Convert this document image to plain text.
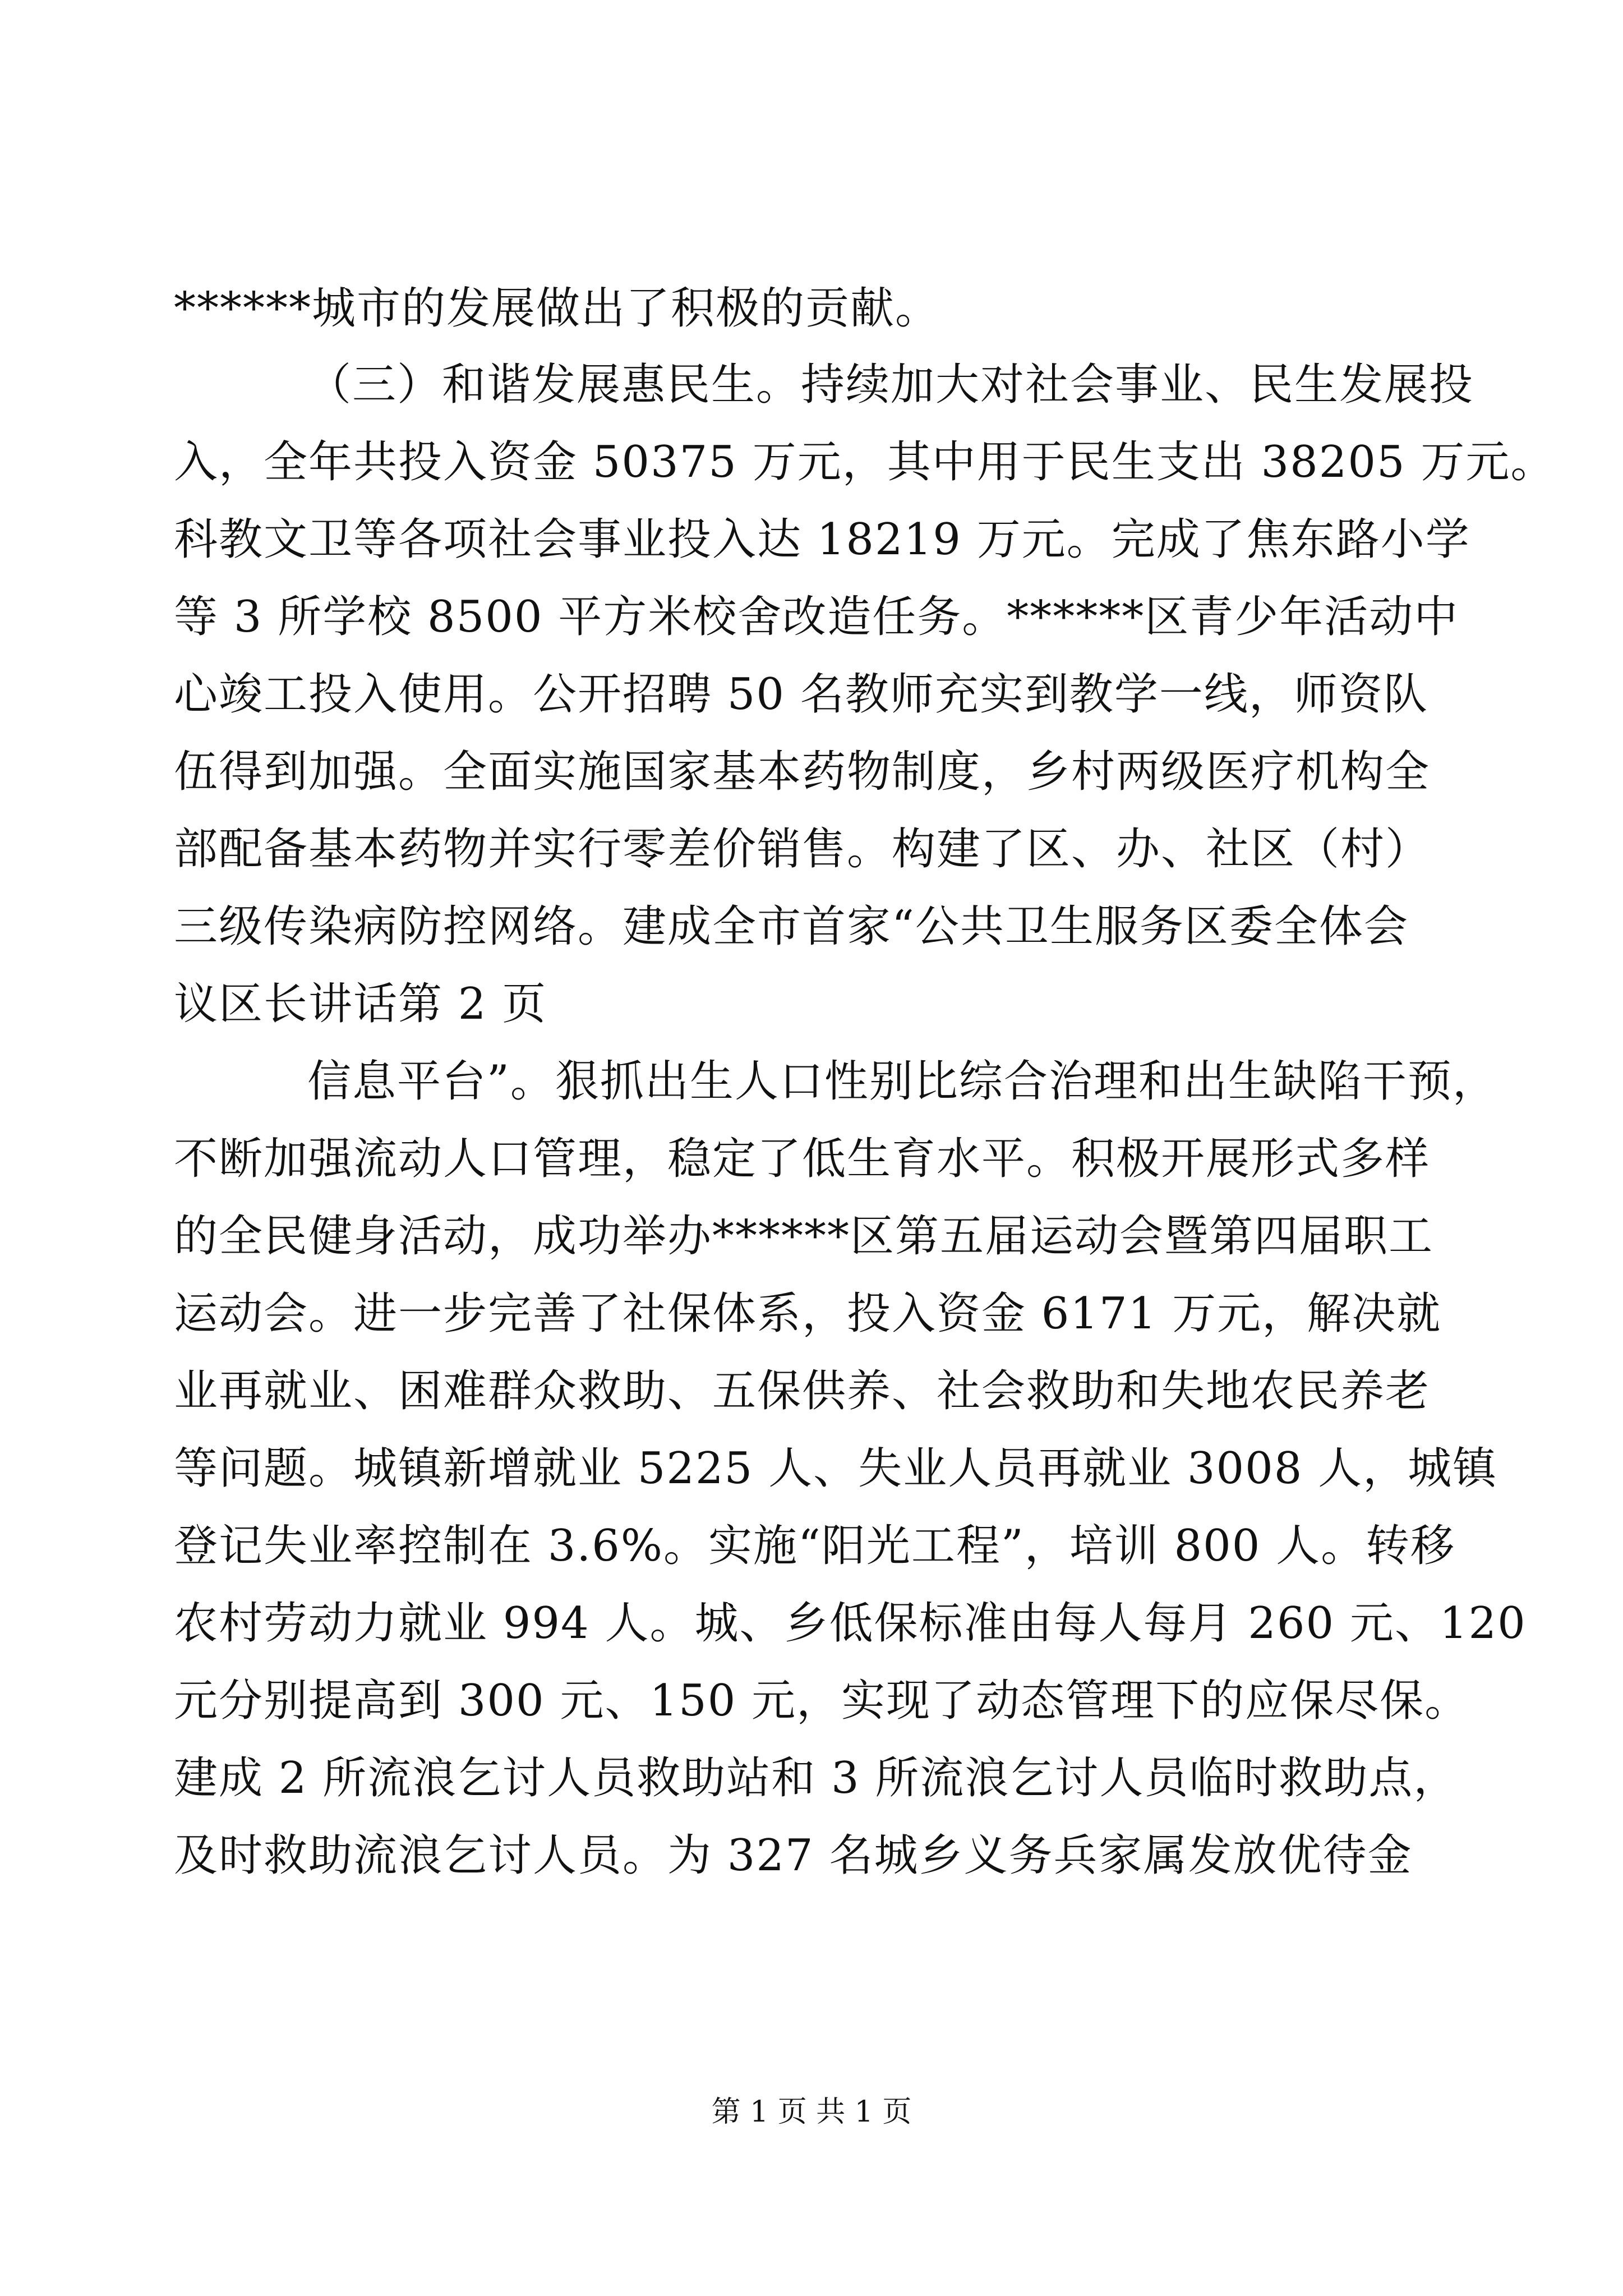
******城市的发展做出了积极的贡献。
（三）和谐发展惠民生。持续加大对社会事业、民生发展投
入，全年共投入资金 50375 万元，其中用于民生支出 38205 万元。
科教文卫等各项社会事业投入达 18219 万元。完成了焦东路小学
等 3 所学校 8500 平方米校舍改造任务。******区青少年活动中
心竣工投入使用。公开招聘 50 名教师充实到教学一线，师资队
伍得到加强。全面实施国家基本药物制度，乡村两级医疗机构全
部配备基本药物并实行零差价销售。构建了区、办、社区（村）
三级传染病防控网络。建成全市首家“公共卫生服务区委全体会
议区长讲话第 2 页
信息平台”。狠抓出生人口性别比综合治理和出生缺陷干预，
不断加强流动人口管理，稳定了低生育水平。积极开展形式多样
的全民健身活动，成功举办******区第五届运动会暨第四届职工
运动会。进一步完善了社保体系，投入资金 6171 万元，解决就
业再就业、困难群众救助、五保供养、社会救助和失地农民养老
等问题。城镇新增就业 5225 人、失业人员再就业 3008 人，城镇
登记失业率控制在 3.6%。实施“阳光工程”，培训 800 人。转移
农村劳动力就业 994 人。城、乡低保标准由每人每月 260 元、120
元分别提高到 300 元、150 元，实现了动态管理下的应保尽保。
建成 2 所流浪乞讨人员救助站和 3 所流浪乞讨人员临时救助点，
及时救助流浪乞讨人员。为 327 名城乡义务兵家属发放优待金
第 1 页 共 1 页
